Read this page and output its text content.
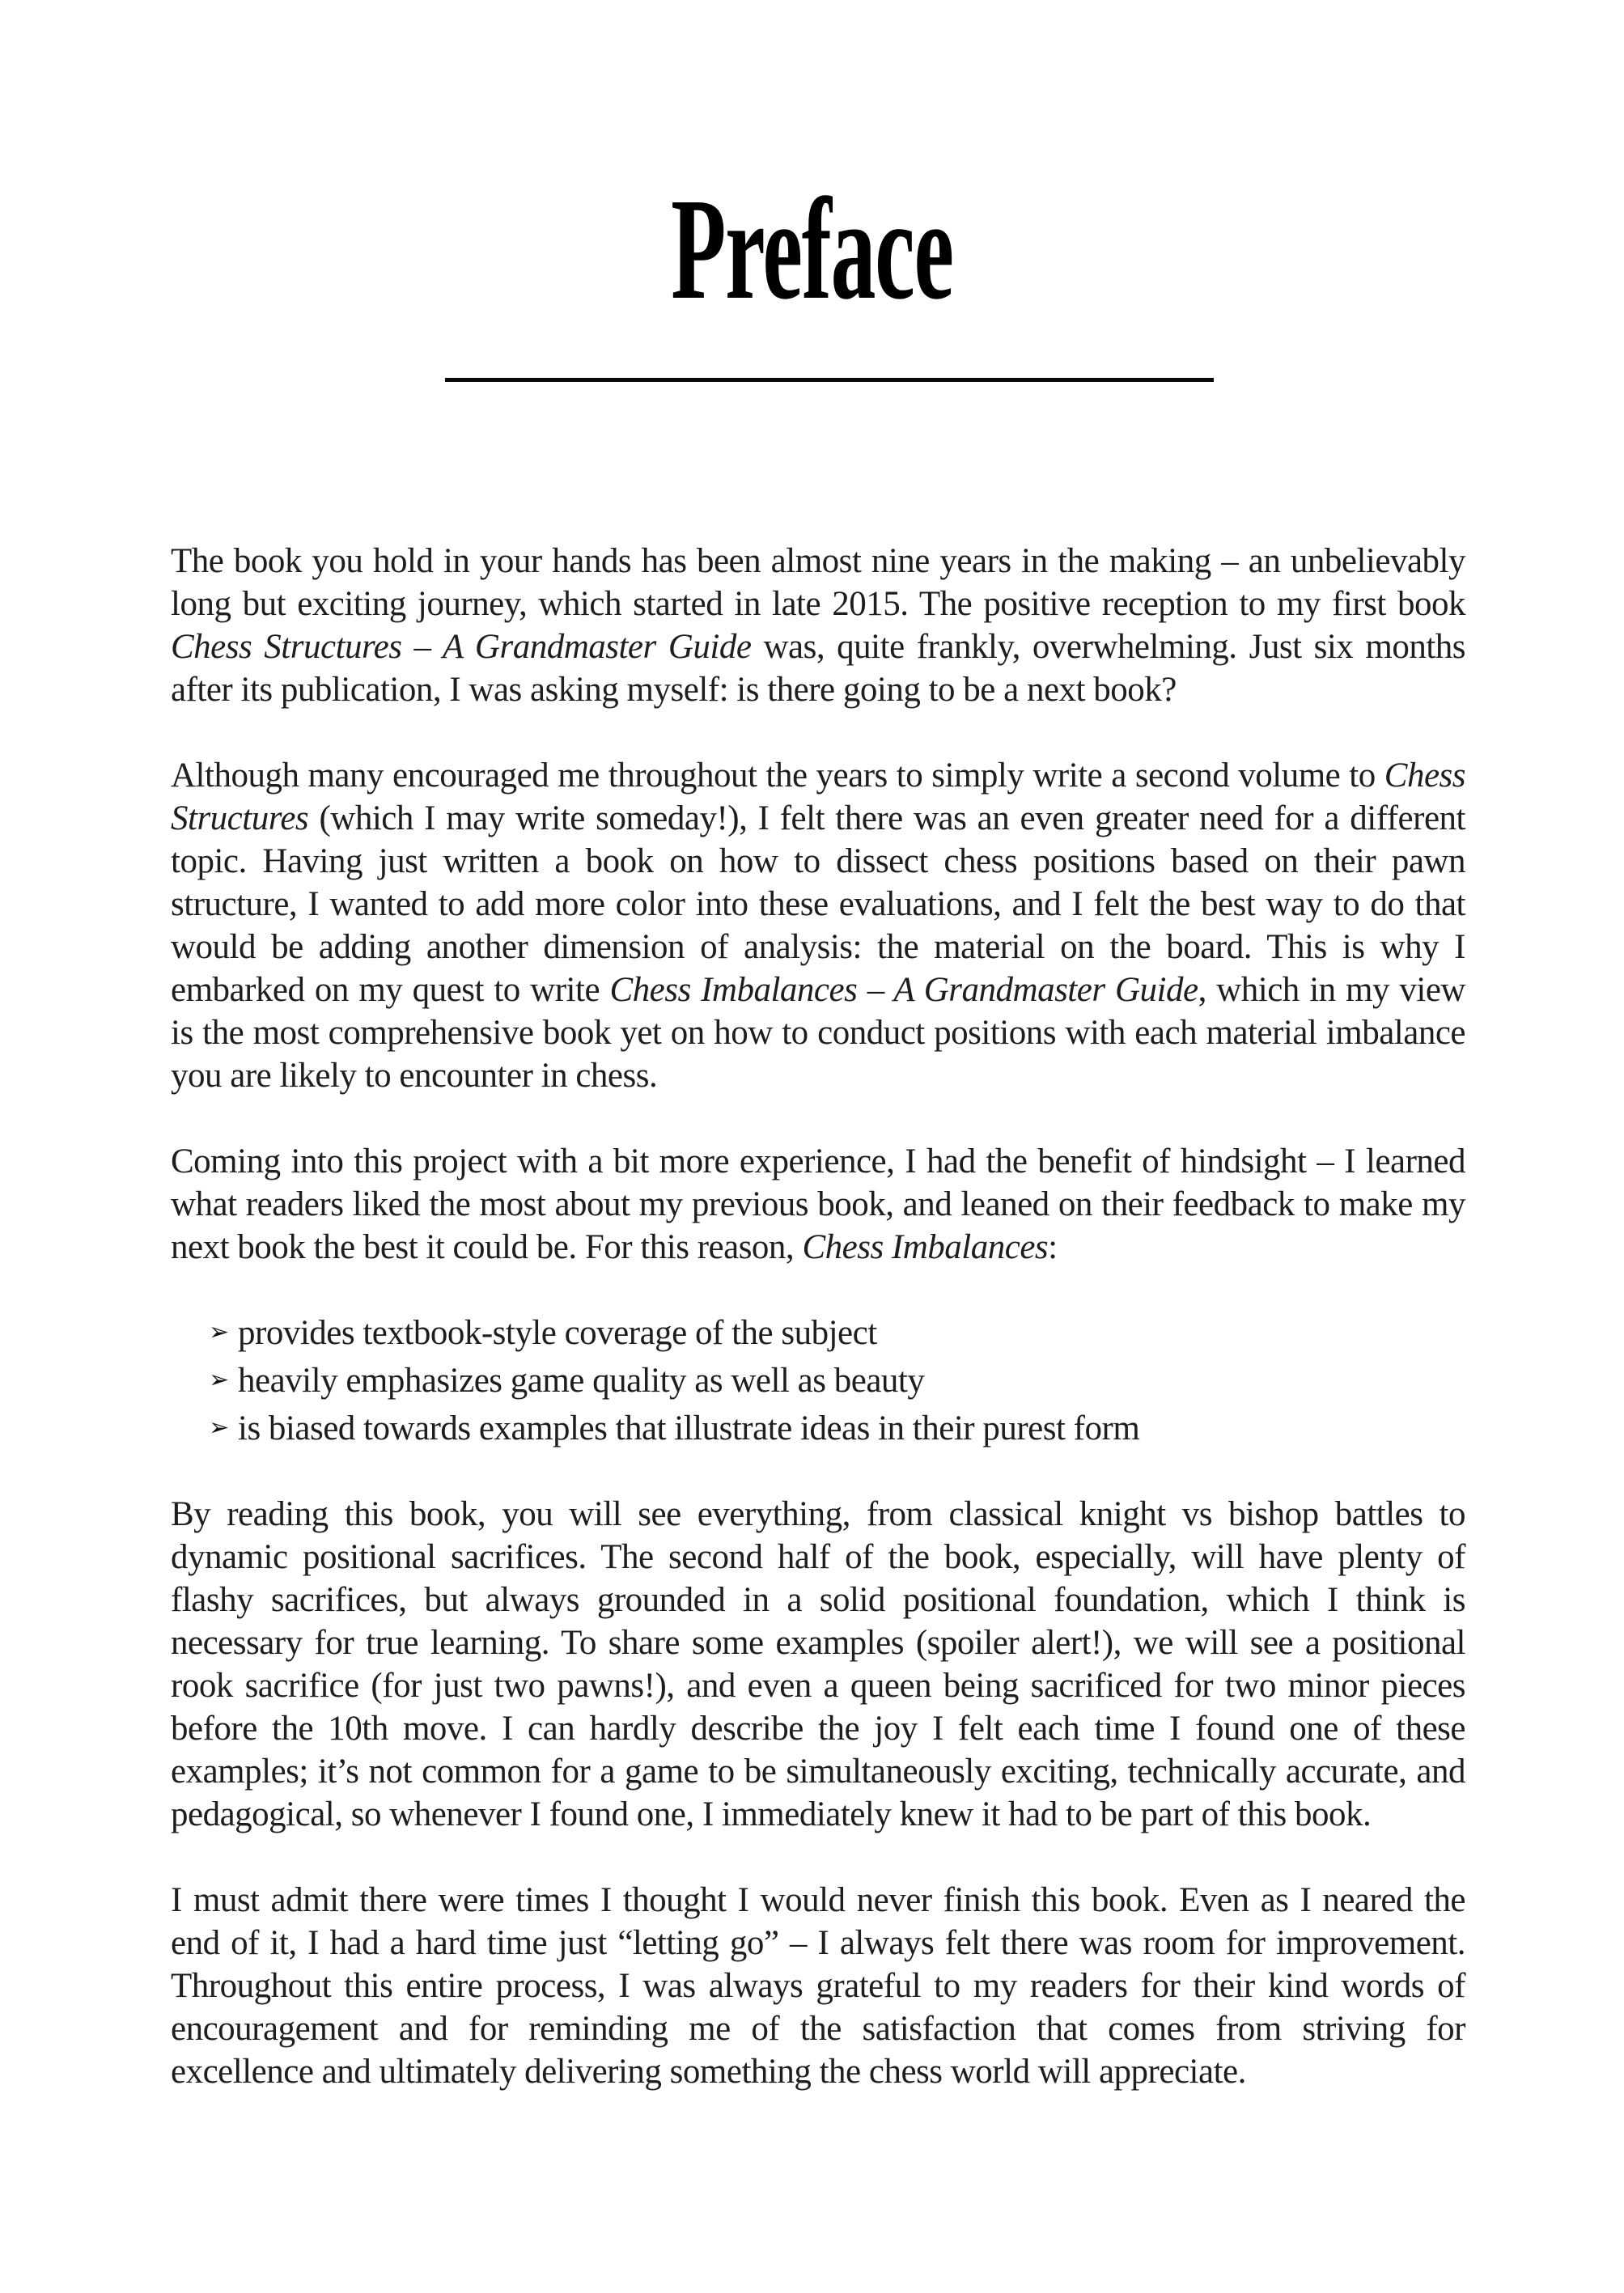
Preface

The book you hold in your hands has been almost nine years in the making – an unbelievably long but exciting journey, which started in late 2015. The positive reception to my first book Chess Structures – A Grandmaster Guide was, quite frankly, overwhelming. Just six months after its publication, I was asking myself: is there going to be a next book?

Although many encouraged me throughout the years to simply write a second volume to Chess Structures (which I may write someday!), I felt there was an even greater need for a different topic. Having just written a book on how to dissect chess positions based on their pawn structure, I wanted to add more color into these evaluations, and I felt the best way to do that would be adding another dimension of analysis: the material on the board. This is why I embarked on my quest to write Chess Imbalances – A Grandmaster Guide, which in my view is the most comprehensive book yet on how to conduct positions with each material imbalance you are likely to encounter in chess.

Coming into this project with a bit more experience, I had the benefit of hindsight – I learned what readers liked the most about my previous book, and leaned on their feedback to make my next book the best it could be. For this reason, Chess Imbalances:

➢ provides textbook-style coverage of the subject
➢ heavily emphasizes game quality as well as beauty
➢ is biased towards examples that illustrate ideas in their purest form

By reading this book, you will see everything, from classical knight vs bishop battles to dynamic positional sacrifices. The second half of the book, especially, will have plenty of flashy sacrifices, but always grounded in a solid positional foundation, which I think is necessary for true learning. To share some examples (spoiler alert!), we will see a positional rook sacrifice (for just two pawns!), and even a queen being sacrificed for two minor pieces before the 10th move. I can hardly describe the joy I felt each time I found one of these examples; it’s not common for a game to be simultaneously exciting, technically accurate, and pedagogical, so whenever I found one, I immediately knew it had to be part of this book.

I must admit there were times I thought I would never finish this book. Even as I neared the end of it, I had a hard time just “letting go” – I always felt there was room for improvement. Throughout this entire process, I was always grateful to my readers for their kind words of encouragement and for reminding me of the satisfaction that comes from striving for excellence and ultimately delivering something the chess world will appreciate.
